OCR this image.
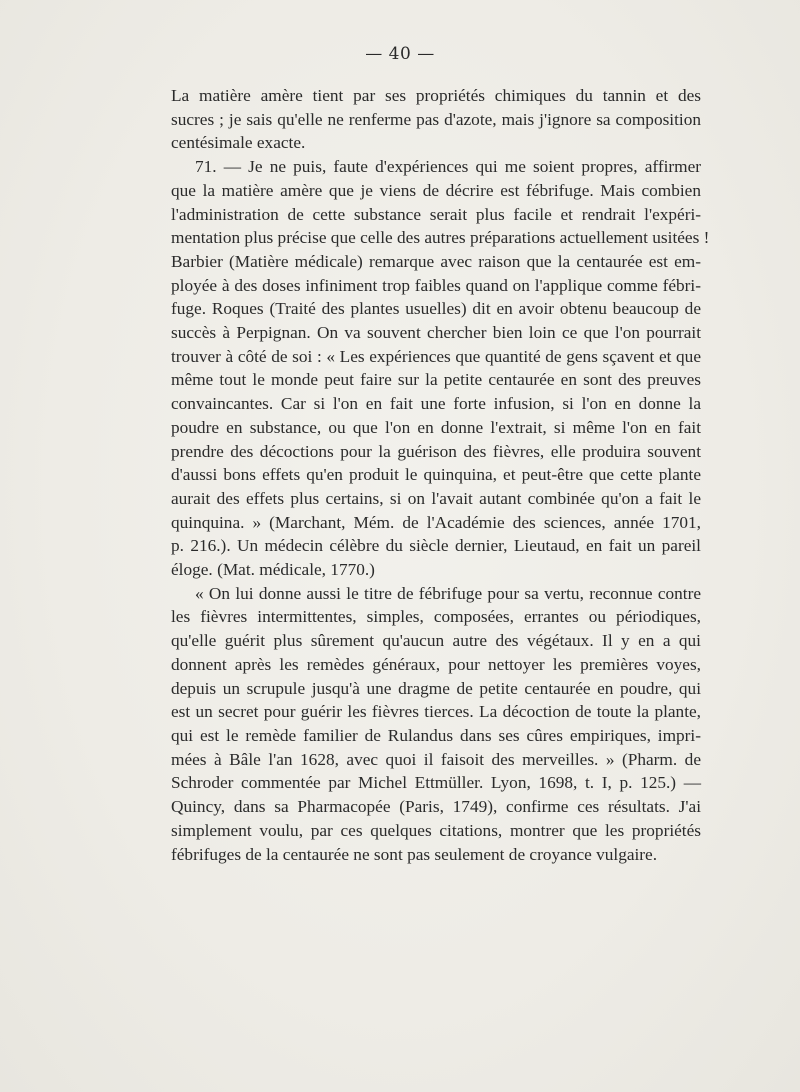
— 40 —
La matière amère tient par ses propriétés chimiques du tannin et des
sucres ; je sais qu'elle ne renferme pas d'azote, mais j'ignore sa composition
centésimale exacte.
71. — Je ne puis, faute d'expériences qui me soient propres, affirmer
que la matière amère que je viens de décrire est fébrifuge. Mais combien
l'administration de cette substance serait plus facile et rendrait l'expéri-
mentation plus précise que celle des autres préparations actuellement usitées !
Barbier (Matière médicale) remarque avec raison que la centaurée est em-
ployée à des doses infiniment trop faibles quand on l'applique comme fébri-
fuge. Roques (Traité des plantes usuelles) dit en avoir obtenu beaucoup de
succès à Perpignan. On va souvent chercher bien loin ce que l'on pourrait
trouver à côté de soi : « Les expériences que quantité de gens sçavent et que
même tout le monde peut faire sur la petite centaurée en sont des preuves
convaincantes. Car si l'on en fait une forte infusion, si l'on en donne la
poudre en substance, ou que l'on en donne l'extrait, si même l'on en fait
prendre des décoctions pour la guérison des fièvres, elle produira souvent
d'aussi bons effets qu'en produit le quinquina, et peut-être que cette plante
aurait des effets plus certains, si on l'avait autant combinée qu'on a fait le
quinquina. » (Marchant, Mém. de l'Académie des sciences, année 1701,
p. 216.). Un médecin célèbre du siècle dernier, Lieutaud, en fait un pareil
éloge. (Mat. médicale, 1770.)
« On lui donne aussi le titre de fébrifuge pour sa vertu, reconnue contre
les fièvres intermittentes, simples, composées, errantes ou périodiques,
qu'elle guérit plus sûrement qu'aucun autre des végétaux. Il y en a qui
donnent après les remèdes généraux, pour nettoyer les premières voyes,
depuis un scrupule jusqu'à une dragme de petite centaurée en poudre, qui
est un secret pour guérir les fièvres tierces. La décoction de toute la plante,
qui est le remède familier de Rulandus dans ses cûres empiriques, impri-
mées à Bâle l'an 1628, avec quoi il faisoit des merveilles. » (Pharm. de
Schroder commentée par Michel Ettmüller. Lyon, 1698, t. I, p. 125.) —
Quincy, dans sa Pharmacopée (Paris, 1749), confirme ces résultats. J'ai
simplement voulu, par ces quelques citations, montrer que les propriétés
fébrifuges de la centaurée ne sont pas seulement de croyance vulgaire.
